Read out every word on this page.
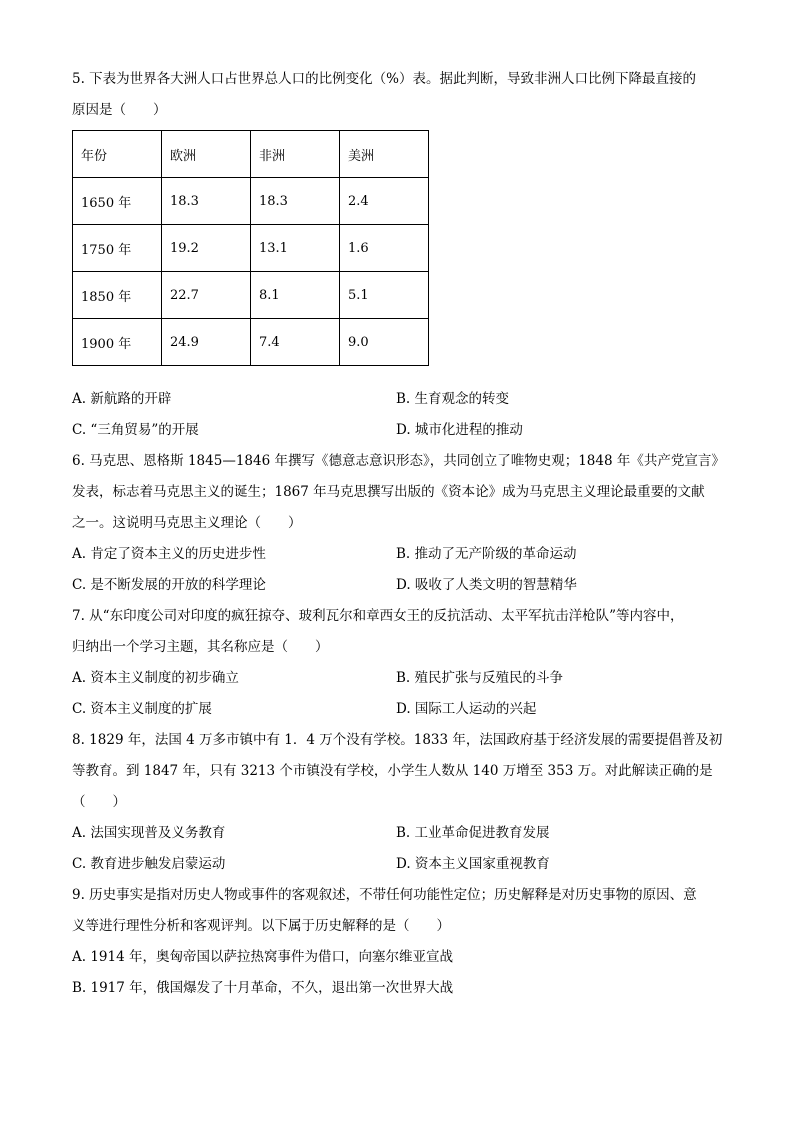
5. 下表为世界各大洲人口占世界总人口的比例变化（%）表。据此判断，导致非洲人口比例下降最直接的

原因是（　　）

年份	欧洲	非洲	美洲
1650 年	18.3	18.3	2.4
1750 年	19.2	13.1	1.6
1850 年	22.7	8.1	5.1
1900 年	24.9	7.4	9.0
A. 新航路的开辟	B. 生育观念的转变
C. “三角贸易”的开展	D. 城市化进程的推动

6. 马克思、恩格斯 1845—1846 年撰写《德意志意识形态》，共同创立了唯物史观；1848 年《共产党宣言》

发表，标志着马克思主义的诞生；1867 年马克思撰写出版的《资本论》成为马克思主义理论最重要的文献

之一。这说明马克思主义理论（　　）

A. 肯定了资本主义的历史进步性	B. 推动了无产阶级的革命运动
C. 是不断发展的开放的科学理论	D. 吸收了人类文明的智慧精华

7. 从“东印度公司对印度的疯狂掠夺、玻利瓦尔和章西女王的反抗活动、太平军抗击洋枪队”等内容中，

归纳出一个学习主题，其名称应是（　　）

A. 资本主义制度的初步确立	B. 殖民扩张与反殖民的斗争
C. 资本主义制度的扩展	D. 国际工人运动的兴起

8. 1829 年，法国 4 万多市镇中有 1．4 万个没有学校。1833 年，法国政府基于经济发展的需要提倡普及初

等教育。到 1847 年，只有 3213 个市镇没有学校，小学生人数从 140 万增至 353 万。对此解读正确的是

（　　）

A. 法国实现普及义务教育	B. 工业革命促进教育发展
C. 教育进步触发启蒙运动	D. 资本主义国家重视教育

9. 历史事实是指对历史人物或事件的客观叙述，不带任何功能性定位；历史解释是对历史事物的原因、意

义等进行理性分析和客观评判。以下属于历史解释的是（　　）

A. 1914 年，奥匈帝国以萨拉热窝事件为借口，向塞尔维亚宣战

B. 1917 年，俄国爆发了十月革命，不久，退出第一次世界大战
